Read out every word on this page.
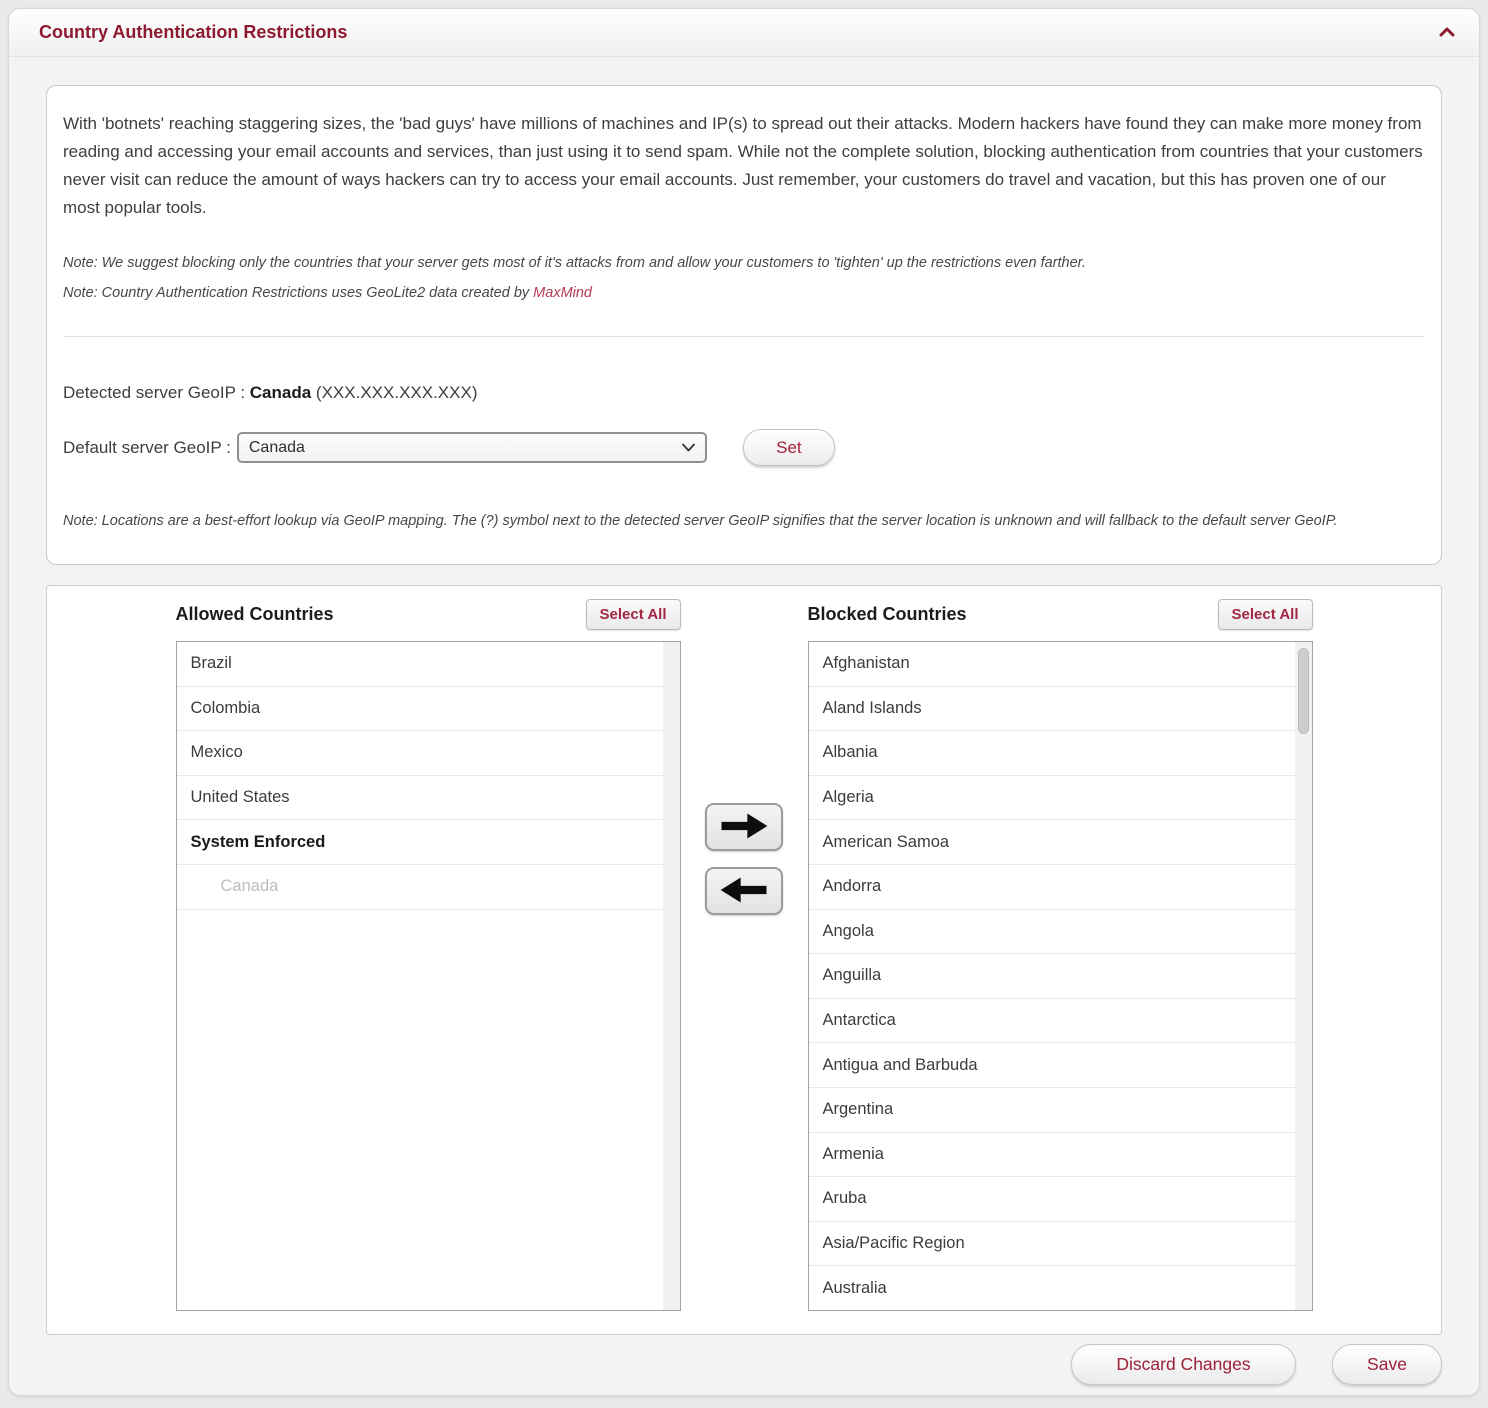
Country Authentication Restrictions

With 'botnets' reaching staggering sizes, the 'bad guys' have millions of machines and IP(s) to spread out their attacks. Modern hackers have found they can make more money from reading and accessing your email accounts and services, than just using it to send spam. While not the complete solution, blocking authentication from countries that your customers never visit can reduce the amount of ways hackers can try to access your email accounts. Just remember, your customers do travel and vacation, but this has proven one of our most popular tools.

Note: We suggest blocking only the countries that your server gets most of it's attacks from and allow your customers to 'tighten' up the restrictions even farther.

Note: Country Authentication Restrictions uses GeoLite2 data created by MaxMind

Detected server GeoIP : Canada (XXX.XXX.XXX.XXX)

Default server GeoIP : Canada	Set

Note: Locations are a best-effort lookup via GeoIP mapping. The (?) symbol next to the detected server GeoIP signifies that the server location is unknown and will fallback to the default server GeoIP.

Allowed Countries	Select All
Brazil
Colombia
Mexico
United States
System Enforced
Canada
Blocked Countries	Select All
Afghanistan
Aland Islands
Albania
Algeria
American Samoa
Andorra
Angola
Anguilla
Antarctica
Antigua and Barbuda
Argentina
Armenia
Aruba
Asia/Pacific Region
Australia
Discard Changes	Save
